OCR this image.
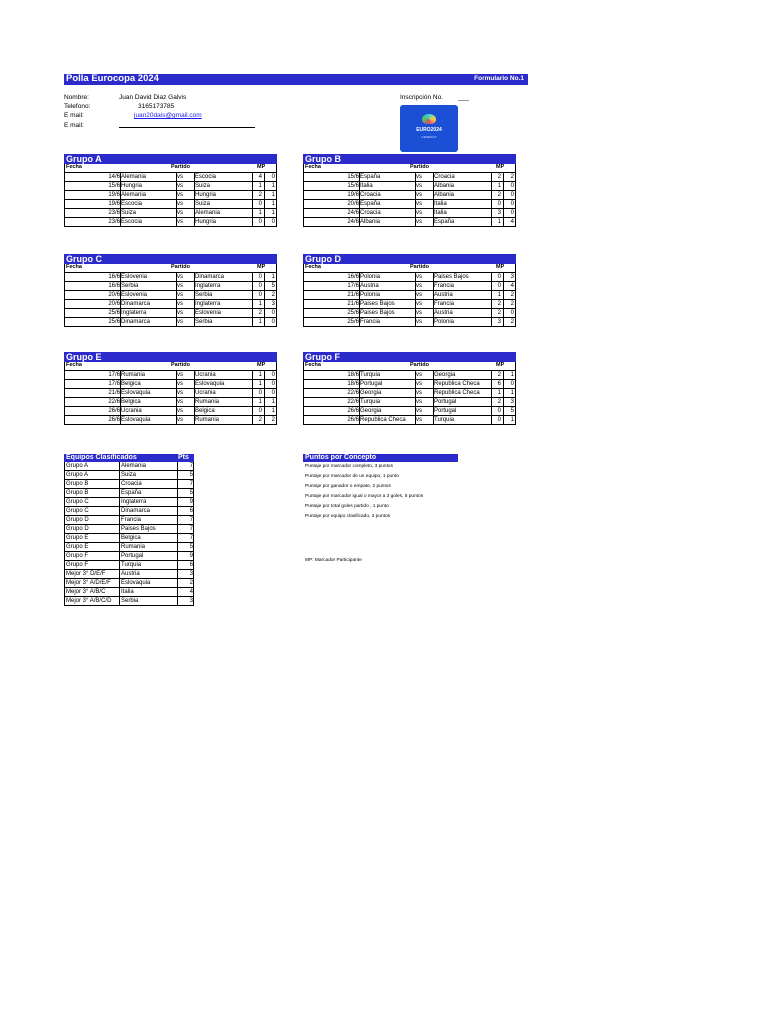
Polla Eurocopa 2024	Formulario No.1
Nombre:	Juan David Diaz Galvis
Telefono:	3165173785
E mail:	juan20dais@gmail.com
E mail:
Inscripción No. ___
EURO2024
GERMANY
Grupo A
Fecha	Partido	MP
14/6 Alemania	vs Escocia	4	0
15/6 Hungria	vs Suiza	1	1
19/6 Alemania	vs Hungria	2	1
19/6 Escocia	vs Suiza	0	1
23/6 Suiza	vs Alemania	1	1
23/6 Escocia	vs Hungria	0	0
Grupo B
Fecha	Partido	MP
15/6 España	vs Croacia	2	2
15/6 Italia	vs Albania	1	0
19/6 Croacia	vs Albania	2	0
20/6 España	vs Italia	0	0
24/6 Croacia	vs Italia	3	0
24/6 Albania	vs España	1	4
Grupo C
Fecha	Partido	MP
16/6 Eslovenia	vs Dinamarca	0	1
16/6 Serbia	vs Inglaterra	0	5
20/6 Eslovenia	vs Serbia	0	2
20/6 Dinamarca	vs Inglaterra	1	3
25/6 Inglaterra	vs Eslovenia	2	0
25/6 Dinamarca	vs Serbia	1	0
Grupo D
Fecha	Partido	MP
16/6 Polonia	vs Paises Bajos	0	3
17/6 Austria	vs Francia	0	4
21/6 Polonia	vs Austria	1	2
21/6 Paises Bajos	vs Francia	2	2
25/6 Paises Bajos	vs Austria	2	0
25/6 Francia	vs Polonia	3	2
Grupo E
Fecha	Partido	MP
17/6 Rumania	vs Ucrania	1	0
17/6 Belgica	vs Eslovaquia	1	0
21/6 Eslovaquia	vs Ucrania	0	0
22/6 Belgica	vs Rumania	1	1
26/6 Ucrania	vs Belgica	0	1
26/6 Eslovaquia	vs Rumania	2	2
Grupo F
Fecha	Partido	MP
18/6 Turquia	vs Georgia	2	1
18/6 Portugal	vs Republica Checa	6	0
22/6 Georgia	vs Republica Checa	1	1
22/6 Turquia	vs Portugal	2	3
26/6 Georgia	vs Portugal	0	5
26/6 Republica Checa vs Turquia	0	1
Equipos Clasificados	Pts
Grupo A	Alemania	7
Grupo A	Suiza	5
Grupo B	Croacia	7
Grupo B	España	5
Grupo C	Inglaterra	9
Grupo C	Dinamarca	6
Grupo D	Francia	7
Grupo D	Paises Bajos	7
Grupo E	Belgica	7
Grupo E	Rumania	5
Grupo F	Portugal	9
Grupo F	Turquia	6
Mejor 3° D/E/F	Austria	3
Mejor 3° A/D/E/F Eslovaquia	2
Mejor 3° A/B/C	Italia	4
Mejor 3° A/B/C/D Serbia	3
Puntos por Concepto
Puntaje por marcador completo, 3 puntos
Puntaje por marcador de un equipo, 1 punto
Puntaje por ganador o empate, 2 puntos
Puntaje por marcador igual o mayor a 3 goles, 5 puntos
Puntaje por total goles partido , 1 punto
Puntaje por equipo clasificado, 3 puntos
MP: Marcador Participante
